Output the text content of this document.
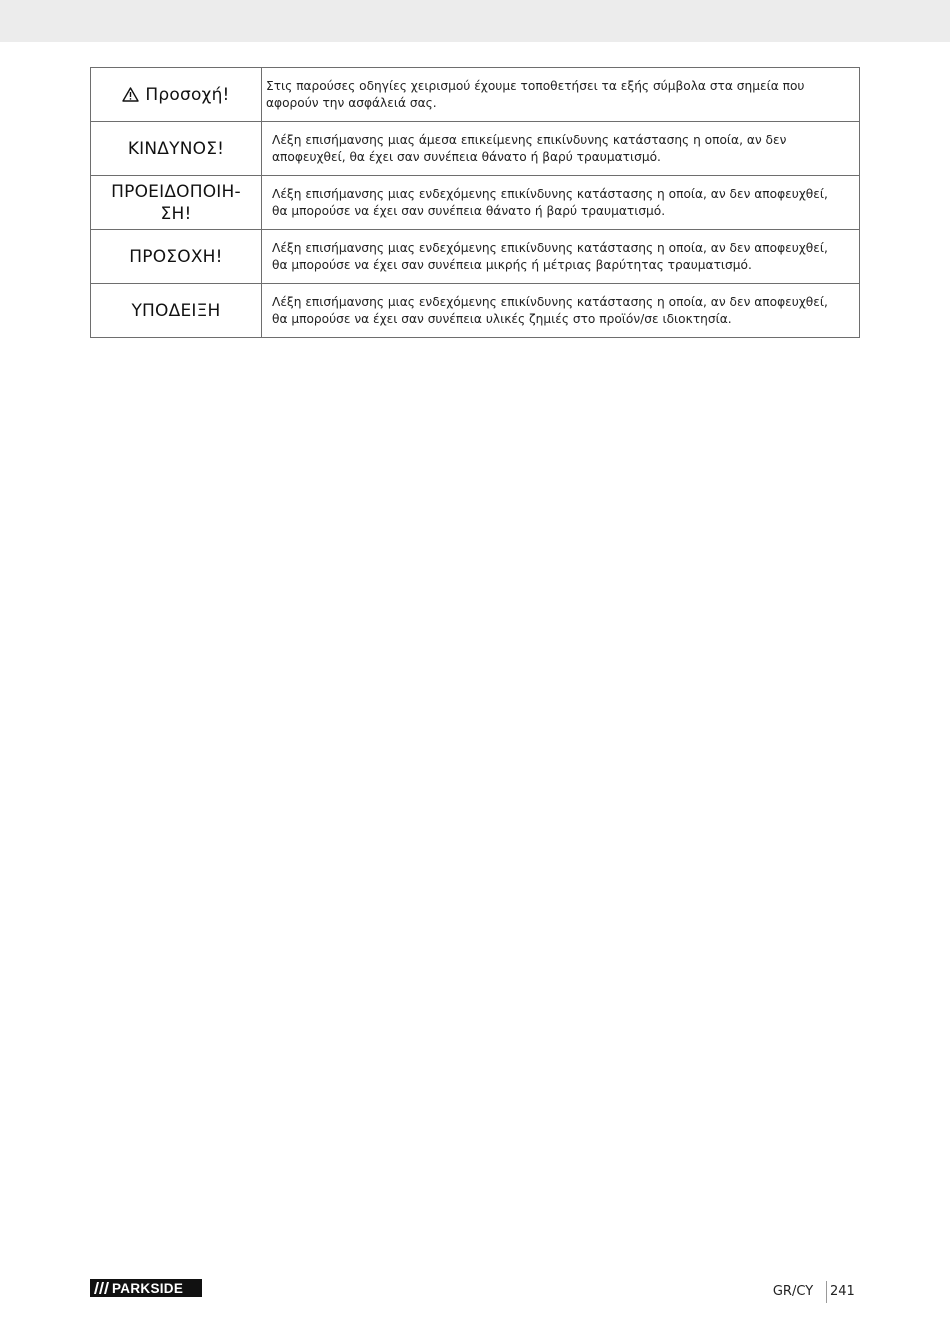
Προσοχή!	Στις παρούσες οδηγίες χειρισμού έχουμε τοποθετήσει τα εξής σύμβολα στα σημεία που αφορούν την ασφάλειά σας.
ΚΙΝΔΥΝΟΣ!	Λέξη επισήμανσης μιας άμεσα επικείμενης επικίνδυνης κατάστασης η οποία, αν δεν αποφευχθεί, θα έχει σαν συνέπεια θάνατο ή βαρύ τραυματισμό.
ΠΡΟΕΙΔΟΠΟΙΗ-
ΣΗ!	Λέξη επισήμανσης μιας ενδεχόμενης επικίνδυνης κατάστασης η οποία, αν δεν αποφευχθεί, θα μπορούσε να έχει σαν συνέπεια θάνατο ή βαρύ τραυματισμό.
ΠΡΟΣΟΧΗ!	Λέξη επισήμανσης μιας ενδεχόμενης επικίνδυνης κατάστασης η οποία, αν δεν αποφευχθεί, θα μπορούσε να έχει σαν συνέπεια μικρής ή μέτριας βαρύτητας τραυματισμό.
ΥΠΟΔΕΙΞΗ	Λέξη επισήμανσης μιας ενδεχόμενης επικίνδυνης κατάστασης η οποία, αν δεν αποφευχθεί, θα μπορούσε να έχει σαν συνέπεια υλικές ζημιές στο προϊόν/σε ιδιοκτησία.
PARKSIDE	GR/CY	241
